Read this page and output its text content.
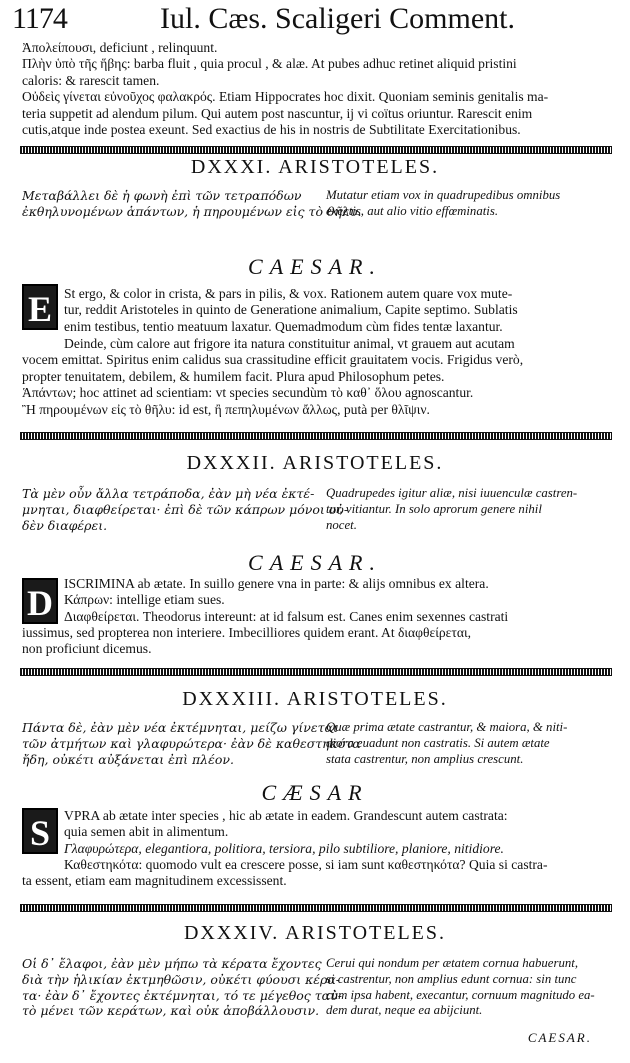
1174	Iul. Cæs. Scaligeri Comment.

Ἀπολείπουσι, deficiunt , relinquunt.

Πλὴν ὑπὸ τῆς ἥβης: barba fluit , quia procul , & alæ. At pubes adhuc retinet aliquid pristini

caloris: & rarescit tamen.

Οὐδεὶς γίνεται εὐνοῦχος φαλακρός. Etiam Hippocrates hoc dixit. Quoniam seminis genitalis ma-

teria suppetit ad alendum pilum. Qui autem post nascuntur, ij vi coïtus oriuntur. Rarescit enim

cutis,atque inde postea exeunt. Sed exactius de his in nostris de Subtilitate Exercitationibus.

DXXXI. ARISTOTELES.

Μεταβάλλει δὲ ἡ φωνὴ ἐπὶ τῶν τετραπόδων

ἐκθηλυνομένων ἁπάντων, ἡ πηρουμένων εἰς τὸ θῆλυ.

Mutatur etiam vox in quadrupedibus omnibus

exectis, aut alio vitio effœminatis.

CAESAR.
E St ergo, & color in crista, & pars in pilis, & vox. Rationem autem quare vox mute-

tur, reddit Aristoteles in quinto de Generatione animalium, Capite septimo. Sublatis

enim testibus, tentio meatuum laxatur. Quemadmodum cùm fides tentæ laxantur.

Deinde, cùm calore aut frigore ita natura constituitur animal, vt grauem aut acutam

vocem emittat. Spiritus enim calidus sua crassitudine efficit grauitatem vocis. Frigidus verò,

propter tenuitatem, debilem, & humilem facit. Plura apud Philosophum petes.

Ἁπάντων; hoc attinet ad scientiam: vt species secundùm τὸ καθ᾽ ὅλου agnoscantur.

Ἢ πηρουμένων εἰς τὸ θῆλυ: id est, ἢ πεπηλυμένων ἄλλως, putà per θλῖψιν.

DXXXII. ARISTOTELES.

Τὰ μὲν οὖν ἄλλα τετράποδα, ἐὰν μὴ νέα ἐκτέ-

μνηται, διαφθείρεται· ἐπὶ δὲ τῶν κάπρων μόνοι οὐ-

δὲν διαφέρει.

Quadrupedes igitur aliæ, nisi iuuenculæ castren-

tur, vitiantur. In solo aprorum genere nihil

nocet.

CAESAR.
D ISCRIMINA ab ætate. In suillo genere vna in parte: & alijs omnibus ex altera.

Κάπρων: intellige etiam sues.

Διαφθείρεται. Theodorus intereunt: at id falsum est. Canes enim sexennes castrati

iussimus, sed propterea non interiere. Imbecilliores quidem erant. At διαφθείρεται,

non proficiunt dicemus.

DXXXIII. ARISTOTELES.

Πάντα δὲ, ἐὰν μὲν νέα ἐκτέμνηται, μείζω γίνεται

τῶν ἀτμήτων καὶ γλαφυρώτερα· ἐὰν δὲ καθεστηκότα

ἤδη, οὐκέτι αὐξάνεται ἐπὶ πλέον.

Quæ prima ætate castrantur, & maiora, & niti-

diora euadunt non castratis. Si autem ætate

stata castrentur, non amplius crescunt.

CÆSAR
S	VPRA ab ætate inter species , hic ab ætate in eadem. Grandescunt autem castrata:

quia semen abit in alimentum.

Γλαφυρώτερα, elegantiora, politiora, tersiora, pilo subtiliore, planiore, nitidiore.

Καθεστηκότα: quomodo vult ea crescere posse, si iam sunt καθεστηκότα? Quia si castra-

ta essent, etiam eam magnitudinem excessissent.

DXXXIV. ARISTOTELES.

Οἱ δ᾽ ἔλαφοι, ἐὰν μὲν μήπω τὰ κέρατα ἔχοντες

διὰ τὴν ἡλικίαν ἐκτμηθῶσιν, οὐκέτι φύουσι κέρα-

τα· ἐὰν δ᾽ ἔχοντες ἐκτέμνηται, τό τε μέγεθος ταὐ-

τὸ μένει τῶν κεράτων, καὶ οὐκ ἀποβάλλουσιν.

Cerui qui nondum per ætatem cornua habuerunt,

si castrentur, non amplius edunt cornua: sin tunc

cùm ipsa habent, execantur, cornuum magnitudo ea-

dem durat, neque ea abijciunt.

CAESAR.
